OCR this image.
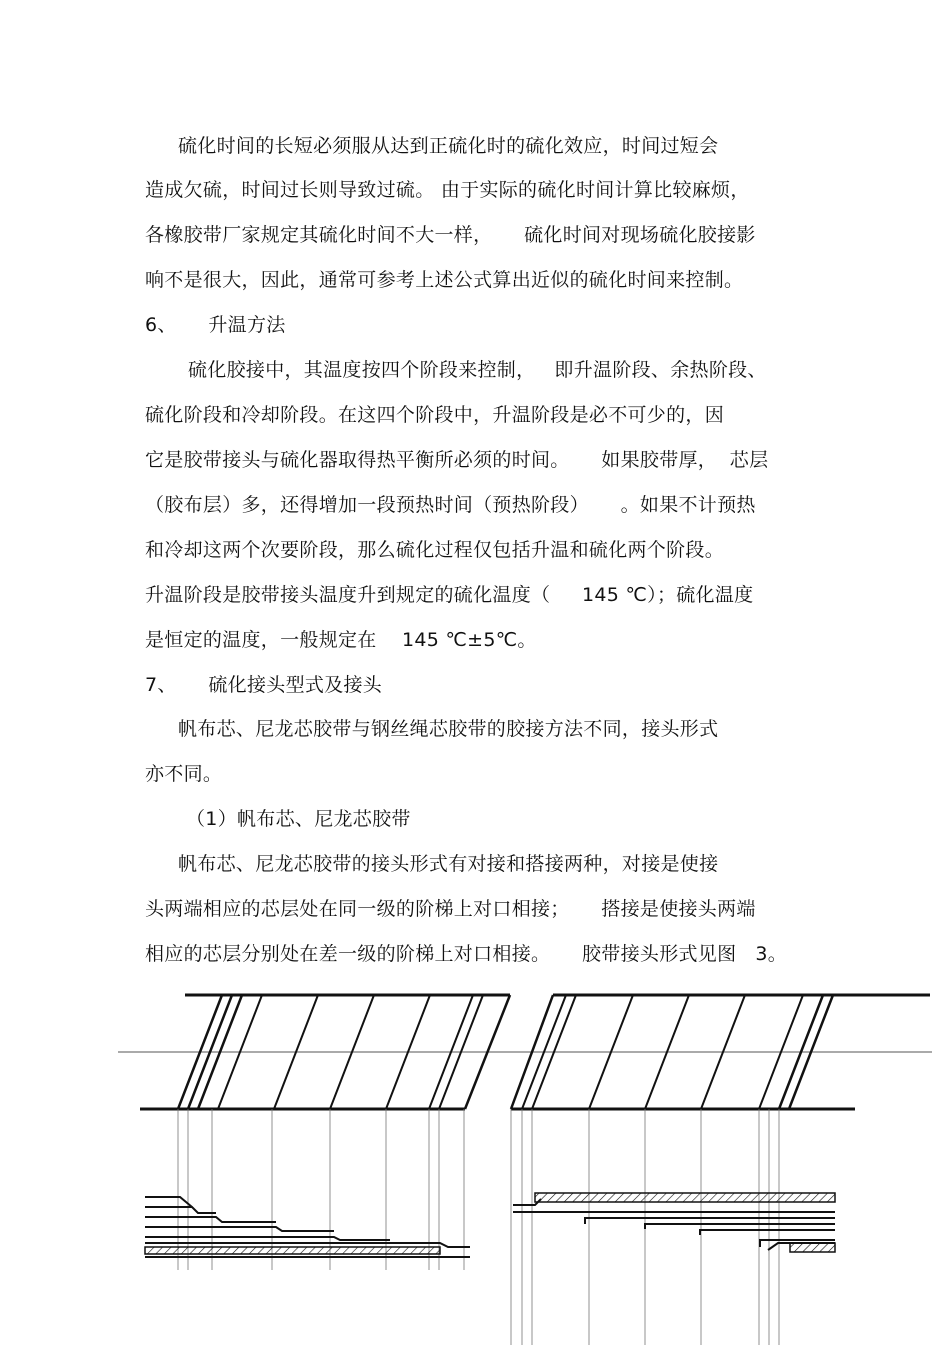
硫化时间的长短必须服从达到正硫化时的硫化效应，时间过短会

造成欠硫，时间过长则导致过硫。 由于实际的硫化时间计算比较麻烦，

各橡胶带厂家规定其硫化时间不大一样，     硫化时间对现场硫化胶接影

响不是很大，因此，通常可参考上述公式算出近似的硫化时间来控制。

6、     升温方法

硫化胶接中，其温度按四个阶段来控制，   即升温阶段、余热阶段、

硫化阶段和冷却阶段。在这四个阶段中，升温阶段是必不可少的，因

它是胶带接头与硫化器取得热平衡所必须的时间。     如果胶带厚，  芯层

（胶布层）多，还得增加一段预热时间（预热阶段）     。如果不计预热

和冷却这两个次要阶段，那么硫化过程仅包括升温和硫化两个阶段。

升温阶段是胶带接头温度升到规定的硫化温度（     145 ℃）；硫化温度

是恒定的温度，一般规定在    145 ℃±5℃。

7、     硫化接头型式及接头

帆布芯、尼龙芯胶带与钢丝绳芯胶带的胶接方法不同，接头形式

亦不同。

（1）帆布芯、尼龙芯胶带

帆布芯、尼龙芯胶带的接头形式有对接和搭接两种，对接是使接

头两端相应的芯层处在同一级的阶梯上对口相接；     搭接是使接头两端

相应的芯层分别处在差一级的阶梯上对口相接。     胶带接头形式见图   3。
